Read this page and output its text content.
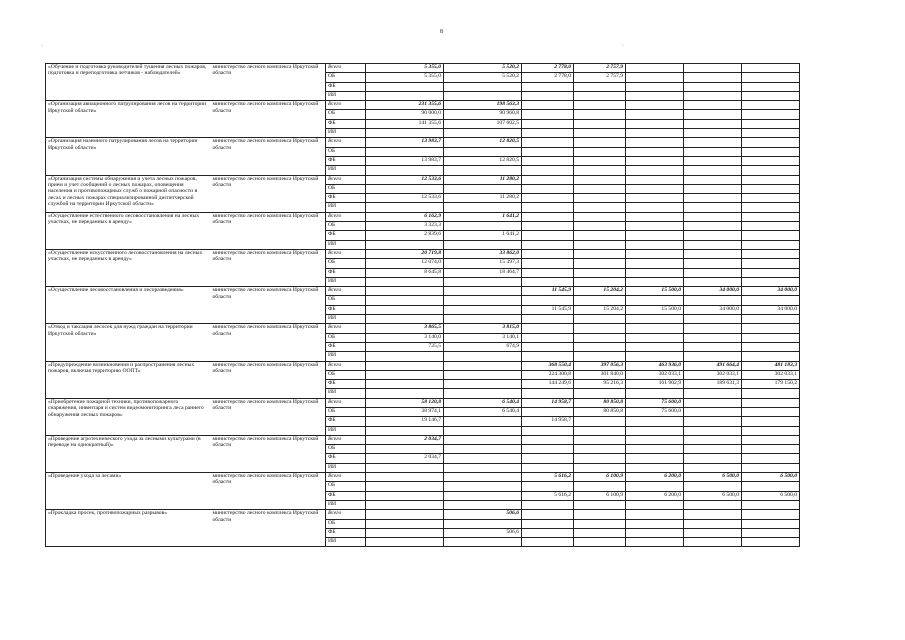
8
·	·
«Обучение и подготовка руководителей тушения лесных пожаров, подготовка и переподготовка летчиков - наблюдателей»	министерство лесного комплекса Иркутской области	Всего	5 355,0	5 520,2	2 778,0	2 757,9			
		ОБ	5 355,0	5 520,2	2 778,0	2 757,9			
		ФБ							
		ИИ							
«Организация авиационного патрулирования лесов на территории Иркутской области»	министерство лесного комплекса Иркутской области	Всего	231 355,6	198 563,3					
		ОБ	90 000,0	90 960,8					
		ФБ	141 355,6	107 602,5					
		ИИ							
«Организация наземного патрулирования лесов на территории Иркутской области»	министерство лесного комплекса Иркутской области	Всего	13 983,7	12 820,5					
		ОБ							
		ФБ	13 983,7	12 820,5					
		ИИ							
«Организация системы обнаружения и учета лесных пожаров, прием и учет сообщений о лесных пожарах, оповещения населения и противопожарных служб о пожарной опасности в лесах и лесных пожарах специализированной диспетчерской службой на территории Иркутской области»	министерство лесного комплекса Иркутской области	Всего	12 533,6	11 280,2					
		ОБ							
		ФБ	12 533,6	11 280,2					
		ИИ							
«Осуществление естественного лесовосстановления на лесных участках, не переданных в аренду»	министерство лесного комплекса Иркутской области	Всего	6 162,9	1 641,2					
		ОБ	3 323,3						
		ФБ	2 839,6	1 641,2					
		ИИ							
«Осуществление искусственного лесовосстановления на лесных участках, не переданных в аренду»	министерство лесного комплекса Иркутской области	Всего	20 719,8	33 862,0					
		ОБ	12 074,0	15 397,3					
		ФБ	8 645,8	18 464,7					
		ИИ							
«Осуществление лесовосстановления и лесоразведения»	министерство лесного комплекса Иркутской области	Всего			11 545,9	15 204,2	15 500,0	34 000,0	34 000,0
		ОБ							
		ФБ			11 545,9	15 204,2	15 500,0	34 000,0	34 000,0
		ИИ							
«Отвод и таксация лесосек для нужд граждан на территории Иркутской области»	министерство лесного комплекса Иркутской области	Всего	3 865,5	3 815,0					
		ОБ	3 140,0	3 140,1					
		ФБ	725,5	674,9					
		ИИ							
«Предупреждение возникновения и распространения лесных пожаров, включая территорию ООПТ»	министерство лесного комплекса Иркутской области	Всего			368 550,4	397 056,3	463 936,0	491 664,4	481 183,3
		ОБ			224 300,8	301 840,0	302 033,1	302 033,1	302 033,1
		ФБ			144 249,6	95 216,3	161 902,9	189 631,3	179 150,2
		ИИ							
«Приобретение пожарной техники, противопожарного снаряжения, инвентаря и систем видеомониторинга леса раннего обнаружения лесных пожаров»	министерство лесного комплекса Иркутской области	Всего	58 120,8	6 540,4	14 958,7	80 850,8	75 600,0		
		ОБ	38 974,1	6 540,4		80 850,8	75 600,0		
		ФБ	19 146,7		14 958,7				
		ИИ							
«Проведение агротехнического ухода за лесными культурами (в переводе на однократный)»	министерство лесного комплекса Иркутской области	Всего	2 034,7						
		ОБ							
		ФБ	2 034,7						
		ИИ							
«Проведение ухода за лесами»	министерство лесного комплекса Иркутской области	Всего			5 616,2	6 100,9	6 200,0	6 500,0	6 500,0
		ОБ							
		ФБ			5 616,2	6 100,9	6 200,0	6 500,0	6 500,0
		ИИ							
«Прокладка просек, противопожарных разрывов»	министерство лесного комплекса Иркутской области	Всего		506,6					
		ОБ							
		ФБ		506,6					
		ИИ							
